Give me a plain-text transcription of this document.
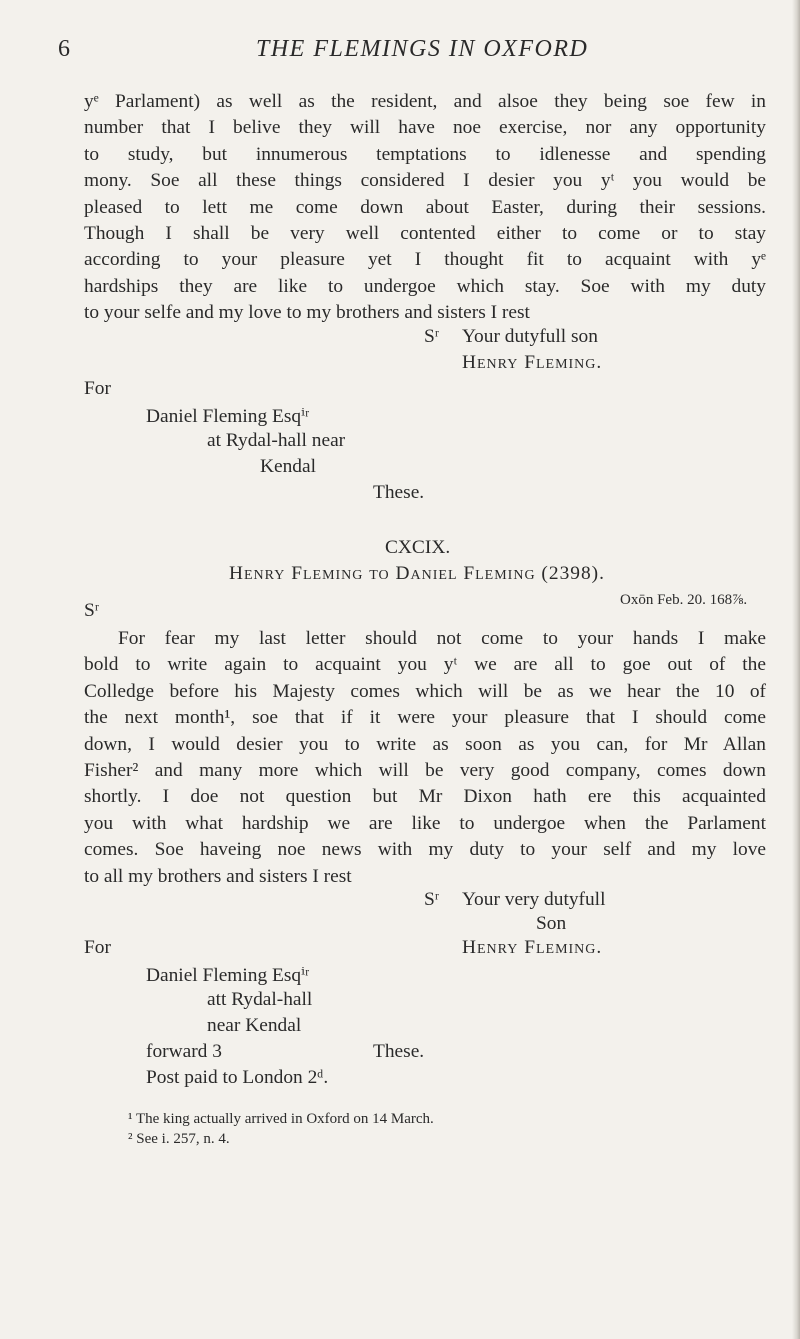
6	THE FLEMINGS IN OXFORD
yᵉ Parlament) as well as the resident, and alsoe they being soe few in
number that I belive they will have noe exercise, nor any opportunity
to study, but innumerous temptations to idlenesse and spending
mony. Soe all these things considered I desier you yᵗ you would be
pleased to lett me come down about Easter, during their sessions.
Though I shall be very well contented either to come or to stay
according to your pleasure yet I thought fit to acquaint with yᵉ
hardships they are like to undergoe which stay. Soe with my duty
to your selfe and my love to my brothers and sisters I rest
Sʳ Your dutyfull son
Henry Fleming.
For
Daniel Fleming Esqⁱʳ
at Rydal-hall near
Kendal
These.
CXCIX.
Henry Fleming to Daniel Fleming (2398).
Oxōn Feb. 20. 168⅞.
Sʳ
For fear my last letter should not come to your hands I make
bold to write again to acquaint you yᵗ we are all to goe out of the
Colledge before his Majesty comes which will be as we hear the 10 of
the next month¹, soe that if it were your pleasure that I should come
down, I would desier you to write as soon as you can, for Mr Allan
Fisher² and many more which will be very good company, comes down
shortly. I doe not question but Mr Dixon hath ere this acquainted
you with what hardship we are like to undergoe when the Parlament
comes. Soe haveing noe news with my duty to your self and my love
to all my brothers and sisters I rest
Sʳ Your very dutyfull
Son
Henry Fleming.
For
Daniel Fleming Esqⁱʳ
att Rydal-hall
near Kendal
forward 3	These.
Post paid to London 2ᵈ.
¹ The king actually arrived in Oxford on 14 March.
² See i. 257, n. 4.
